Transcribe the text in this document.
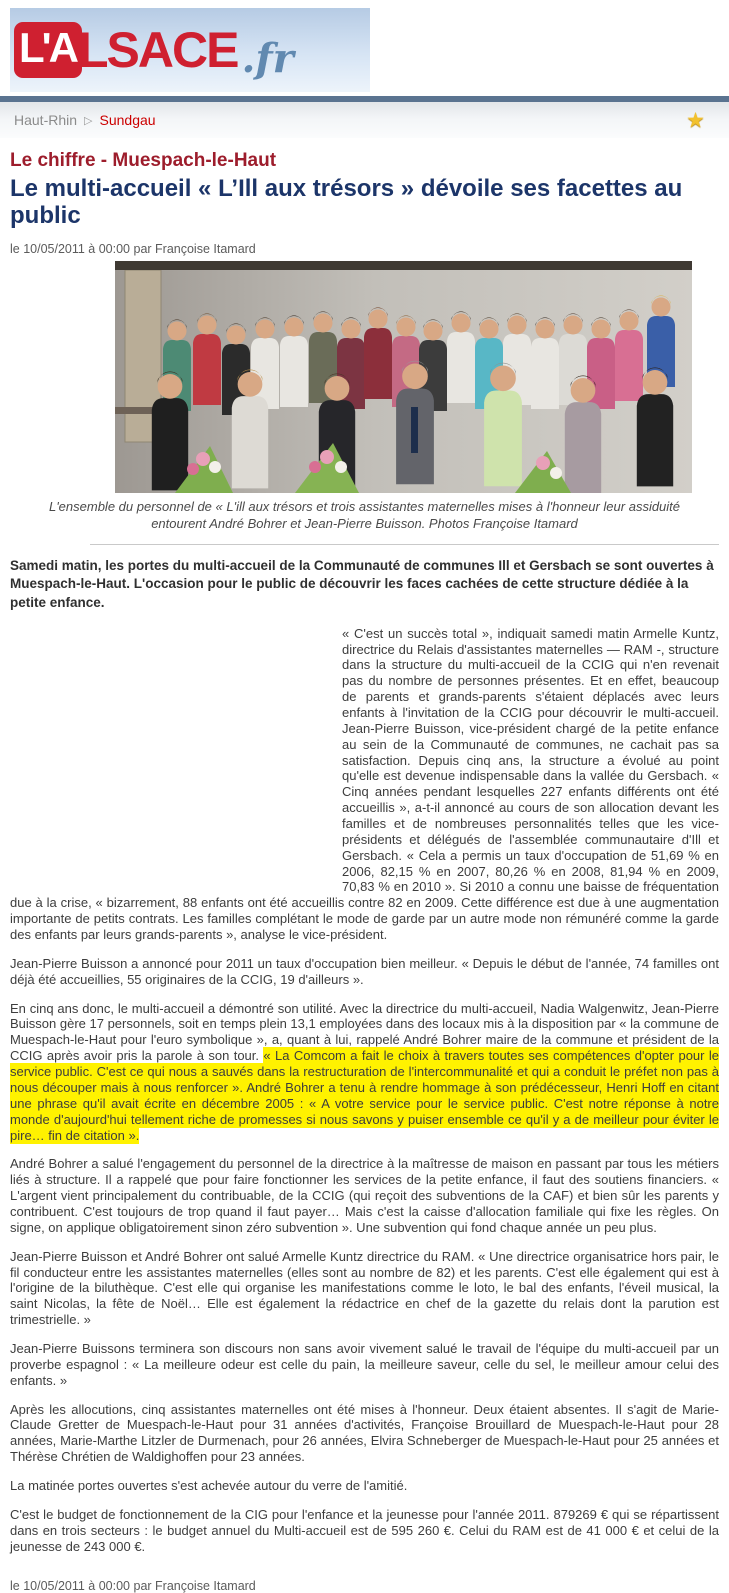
L'A LSACE .fr
Haut-Rhin ▷ Sundgau	★
Le chiffre - Muespach-le-Haut
Le multi-accueil « L’Ill aux trésors » dévoile ses facettes au public

le 10/05/2011 à 00:00 par Françoise Itamard

L'ensemble du personnel de « L'ill aux trésors et trois assistantes maternelles mises à l'honneur leur assiduité entourent André Bohrer et Jean-Pierre Buisson. Photos Françoise Itamard

Samedi matin, les portes du multi-accueil de la Communauté de communes Ill et Gersbach se sont ouvertes à Muespach-le-Haut. L'occasion pour le public de découvrir les faces cachées de cette structure dédiée à la petite enfance.

« C'est un succès total », indiquait samedi matin Armelle Kuntz, directrice du Relais d'assistantes maternelles — RAM -, structure dans la structure du multi-accueil de la CCIG qui n'en revenait pas du nombre de personnes présentes. Et en effet, beaucoup de parents et grands-parents s'étaient déplacés avec leurs enfants à l'invitation de la CCIG pour découvrir le multi-accueil. Jean-Pierre Buisson, vice-président chargé de la petite enfance au sein de la Communauté de communes, ne cachait pas sa satisfaction. Depuis cinq ans, la structure a évolué au point qu'elle est devenue indispensable dans la vallée du Gersbach. « Cinq années pendant lesquelles 227 enfants différents ont été accueillis », a-t-il annoncé au cours de son allocation devant les familles et de nombreuses personnalités telles que les vice-présidents et délégués de l'assemblée communautaire d'Ill et Gersbach. « Cela a permis un taux d'occupation de 51,69 % en 2006, 82,15 % en 2007, 80,26 % en 2008, 81,94 % en 2009, 70,83 % en 2010 ». Si 2010 a connu une baisse de fréquentation due à la crise, « bizarrement, 88 enfants ont été accueillis contre 82 en 2009. Cette différence est due à une augmentation importante de petits contrats. Les familles complétant le mode de garde par un autre mode non rémunéré comme la garde des enfants par leurs grands-parents », analyse le vice-président.

Jean-Pierre Buisson a annoncé pour 2011 un taux d'occupation bien meilleur. « Depuis le début de l'année, 74 familles ont déjà été accueillies, 55 originaires de la CCIG, 19 d'ailleurs ».

En cinq ans donc, le multi-accueil a démontré son utilité. Avec la directrice du multi-accueil, Nadia Walgenwitz, Jean-Pierre Buisson gère 17 personnels, soit en temps plein 13,1 employées dans des locaux mis à la disposition par « la commune de Muespach-le-Haut pour l'euro symbolique », a, quant à lui, rappelé André Bohrer maire de la commune et président de la CCIG après avoir pris la parole à son tour. « La Comcom a fait le choix à travers toutes ses compétences d'opter pour le service public. C'est ce qui nous a sauvés dans la restructuration de l'intercommunalité et qui a conduit le préfet non pas à nous découper mais à nous renforcer ». André Bohrer a tenu à rendre hommage à son prédécesseur, Henri Hoff en citant une phrase qu'il avait écrite en décembre 2005 : « A votre service pour le service public. C'est notre réponse à notre monde d'aujourd'hui tellement riche de promesses si nous savons y puiser ensemble ce qu'il y a de meilleur pour éviter le pire… fin de citation ».

André Bohrer a salué l'engagement du personnel de la directrice à la maîtresse de maison en passant par tous les métiers liés à structure. Il a rappelé que pour faire fonctionner les services de la petite enfance, il faut des soutiens financiers. « L'argent vient principalement du contribuable, de la CCIG (qui reçoit des subventions de la CAF) et bien sûr les parents y contribuent. C'est toujours de trop quand il faut payer… Mais c'est la caisse d'allocation familiale qui fixe les règles. On signe, on applique obligatoirement sinon zéro subvention ». Une subvention qui fond chaque année un peu plus.

Jean-Pierre Buisson et André Bohrer ont salué Armelle Kuntz directrice du RAM. « Une directrice organisatrice hors pair, le fil conducteur entre les assistantes maternelles (elles sont au nombre de 82) et les parents. C'est elle également qui est à l'origine de la biluthèque. C'est elle qui organise les manifestations comme le loto, le bal des enfants, l'éveil musical, la saint Nicolas, la fête de Noël… Elle est également la rédactrice en chef de la gazette du relais dont la parution est trimestrielle. »

Jean-Pierre Buissons terminera son discours non sans avoir vivement salué le travail de l'équipe du multi-accueil par un proverbe espagnol : « La meilleure odeur est celle du pain, la meilleure saveur, celle du sel, le meilleur amour celui des enfants. »

Après les allocutions, cinq assistantes maternelles ont été mises à l'honneur. Deux étaient absentes. Il s'agit de Marie-Claude Gretter de Muespach-le-Haut pour 31 années d'activités, Françoise Brouillard de Muespach-le-Haut pour 28 années, Marie-Marthe Litzler de Durmenach, pour 26 années, Elvira Schneberger de Muespach-le-Haut pour 25 années et Thérèse Chrétien de Waldighoffen pour 23 années.

La matinée portes ouvertes s'est achevée autour du verre de l'amitié.

C'est le budget de fonctionnement de la CIG pour l'enfance et la jeunesse pour l'année 2011. 879269 € qui se répartissent dans en trois secteurs : le budget annuel du Multi-accueil est de 595 260 €. Celui du RAM est de 41 000 € et celui de la jeunesse de 243 000 €.

le 10/05/2011 à 00:00 par Françoise Itamard
